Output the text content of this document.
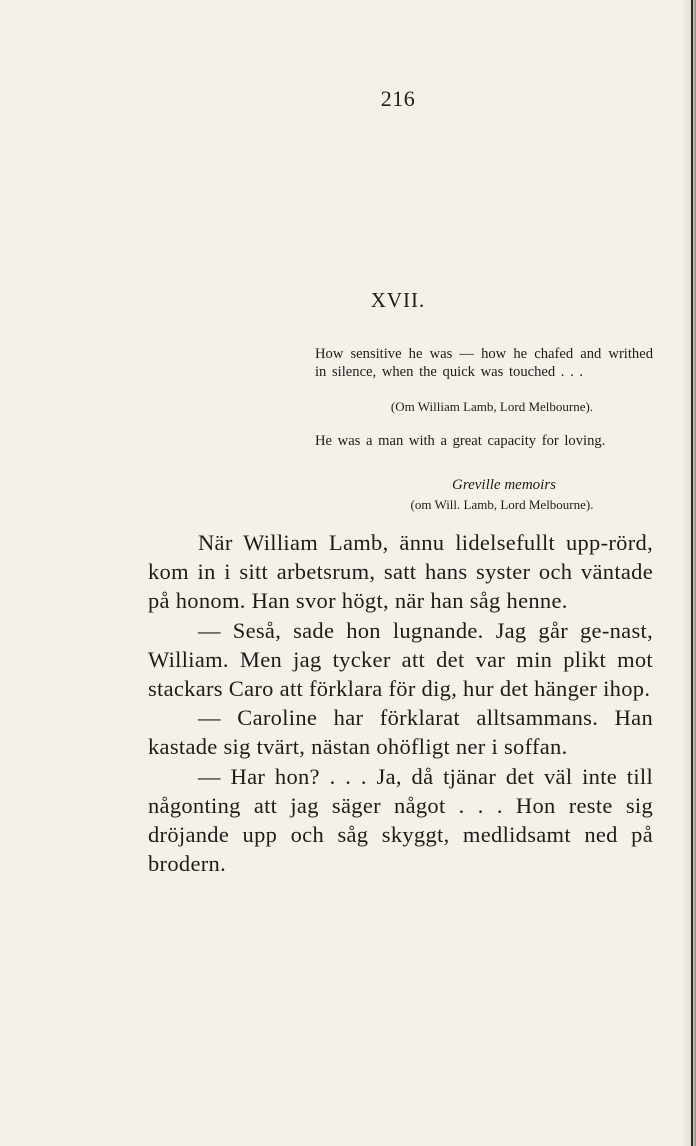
216
XVII.
How sensitive he was — how he chafed and writhed in silence, when the quick was touched . . .
(Om William Lamb, Lord Melbourne).
He was a man with a great capacity for loving.
Greville memoirs
(om Will. Lamb, Lord Melbourne).

När William Lamb, ännu lidelsefullt upp-rörd, kom in i sitt arbetsrum, satt hans syster och väntade på honom. Han svor högt, när han såg henne.

— Seså, sade hon lugnande. Jag går ge-nast, William. Men jag tycker att det var min plikt mot stackars Caro att förklara för dig, hur det hänger ihop.

— Caroline har förklarat alltsammans. Han kastade sig tvärt, nästan ohöfligt ner i soffan.

— Har hon? . . . Ja, då tjänar det väl inte till någonting att jag säger något . . . Hon reste sig dröjande upp och såg skyggt, medlidsamt ned på brodern.
